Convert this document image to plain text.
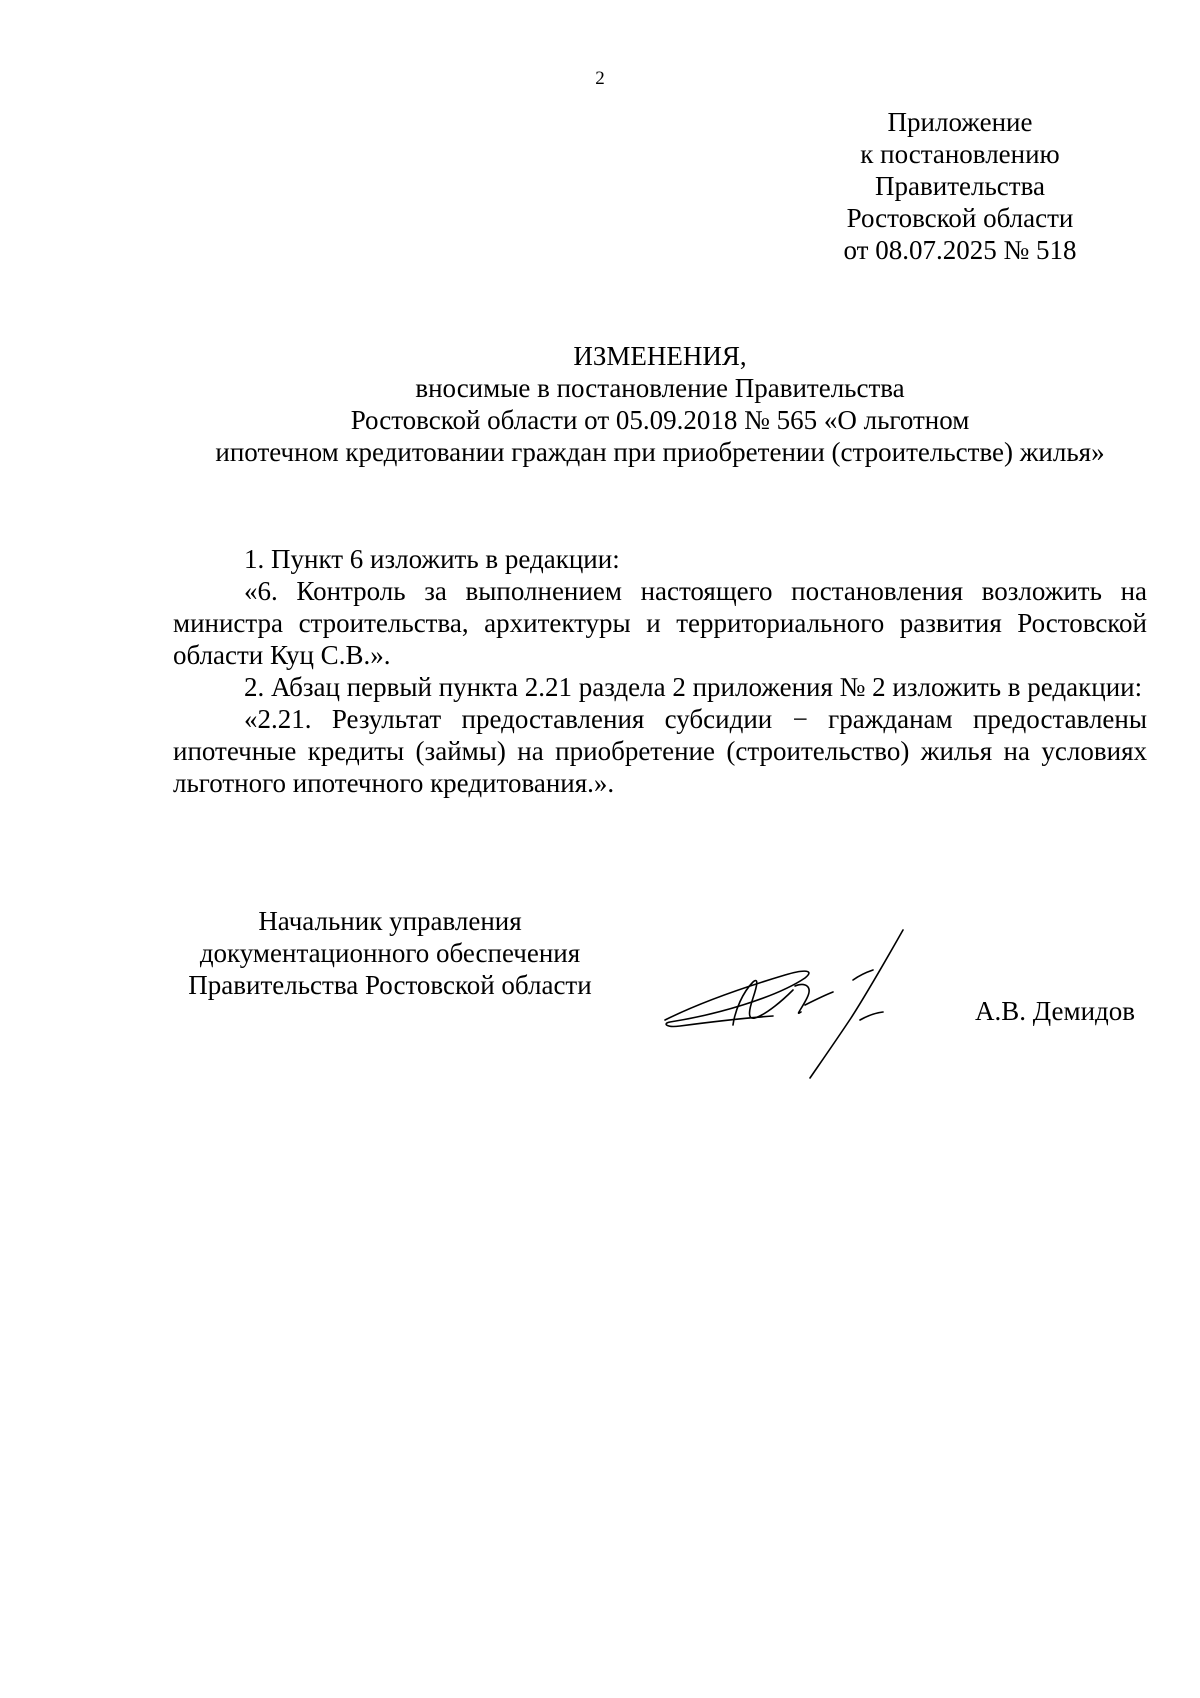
2
Приложение
к постановлению
Правительства
Ростовской области
от 08.07.2025 № 518
ИЗМЕНЕНИЯ,
вносимые в постановление Правительства
Ростовской области от 05.09.2018 № 565 «О льготном
ипотечном кредитовании граждан при приобретении (строительстве) жилья»

1. Пункт 6 изложить в редакции:

«6. Контроль за выполнением настоящего постановления возложить на министра строительства, архитектуры и территориального развития Ростовской области Куц С.В.».

2. Абзац первый пункта 2.21 раздела 2 приложения № 2 изложить в редакции:

«2.21. Результат предоставления субсидии − гражданам предоставлены ипотечные кредиты (займы) на приобретение (строительство) жилья на условиях льготного ипотечного кредитования.».

Начальник управления
документационного обеспечения
Правительства Ростовской области
А.В. Демидов
